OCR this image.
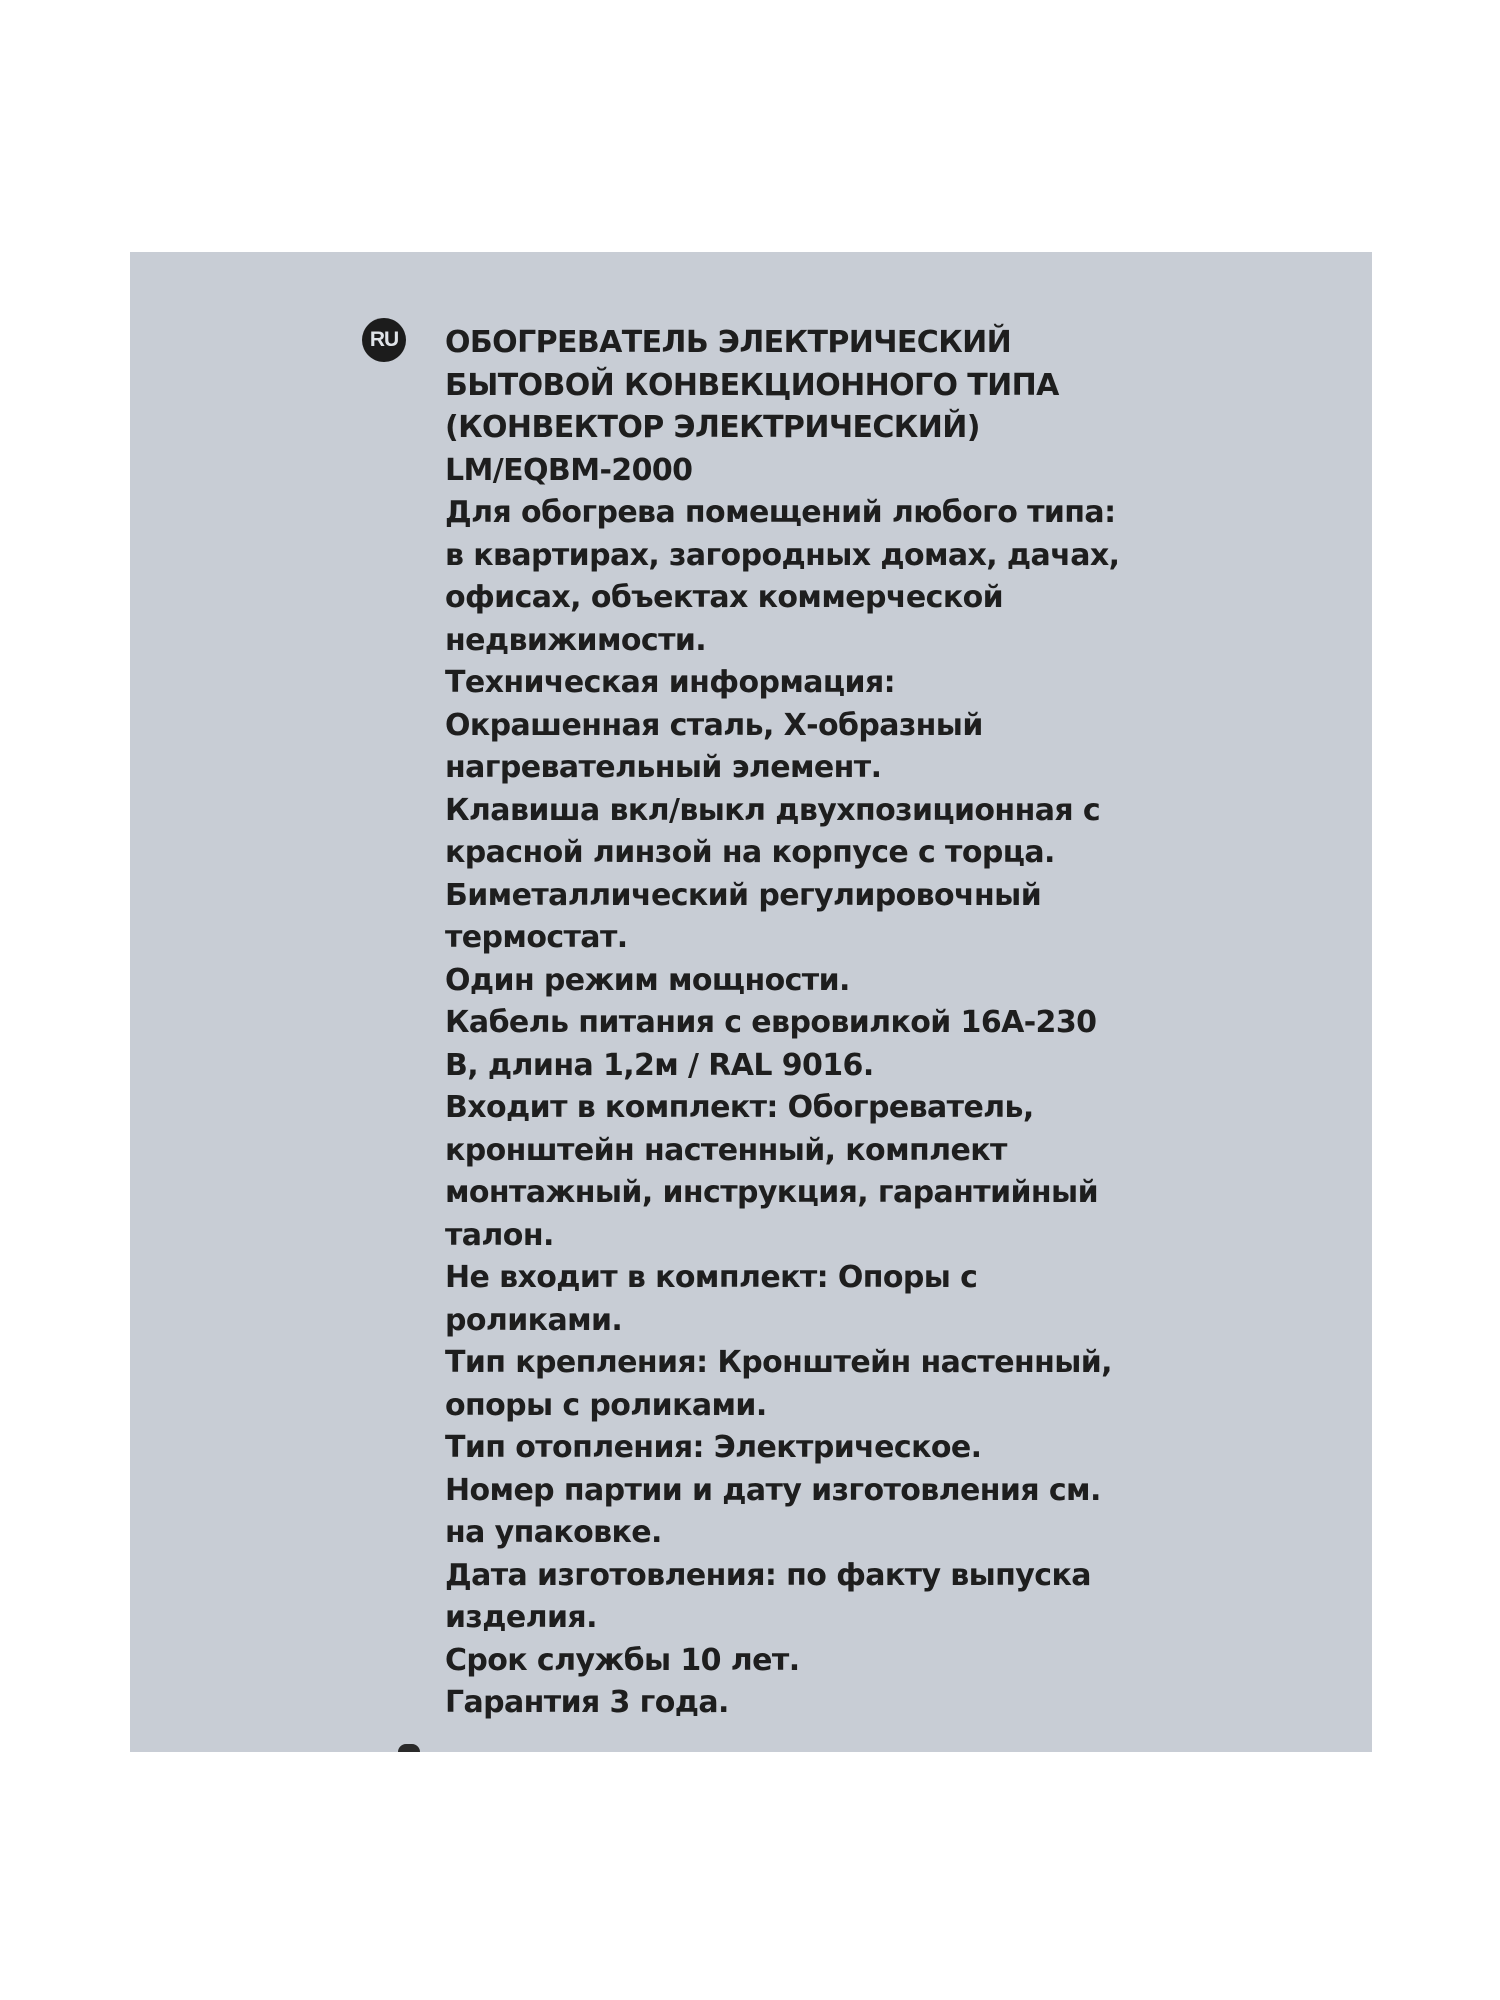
RU ОБОГРЕВАТЕЛЬ ЭЛЕКТРИЧЕСКИЙ
БЫТОВОЙ КОНВЕКЦИОННОГО ТИПА
(КОНВЕКТОР ЭЛЕКТРИЧЕСКИЙ)
LM/EQBM-2000
Для обогрева помещений любого типа:
в квартирах, загородных домах, дачах,
офисах, объектах коммерческой
недвижимости.
Техническая информация:
Окрашенная сталь, Х-образный
нагревательный элемент.
Клавиша вкл/выкл двухпозиционная с
красной линзой на корпусе с торца.
Биметаллический регулировочный
термостат.
Один режим мощности.
Кабель питания с евровилкой 16А-230
В, длина 1,2м / RAL 9016.
Входит в комплект: Обогреватель,
кронштейн настенный, комплект
монтажный, инструкция, гарантийный
талон.
Не входит в комплект: Опоры с
роликами.
Тип крепления: Кронштейн настенный,
опоры с роликами.
Тип отопления: Электрическое.
Номер партии и дату изготовления см.
на упаковке.
Дата изготовления: по факту выпуска
изделия.
Срок службы 10 лет.
Гарантия 3 года.
